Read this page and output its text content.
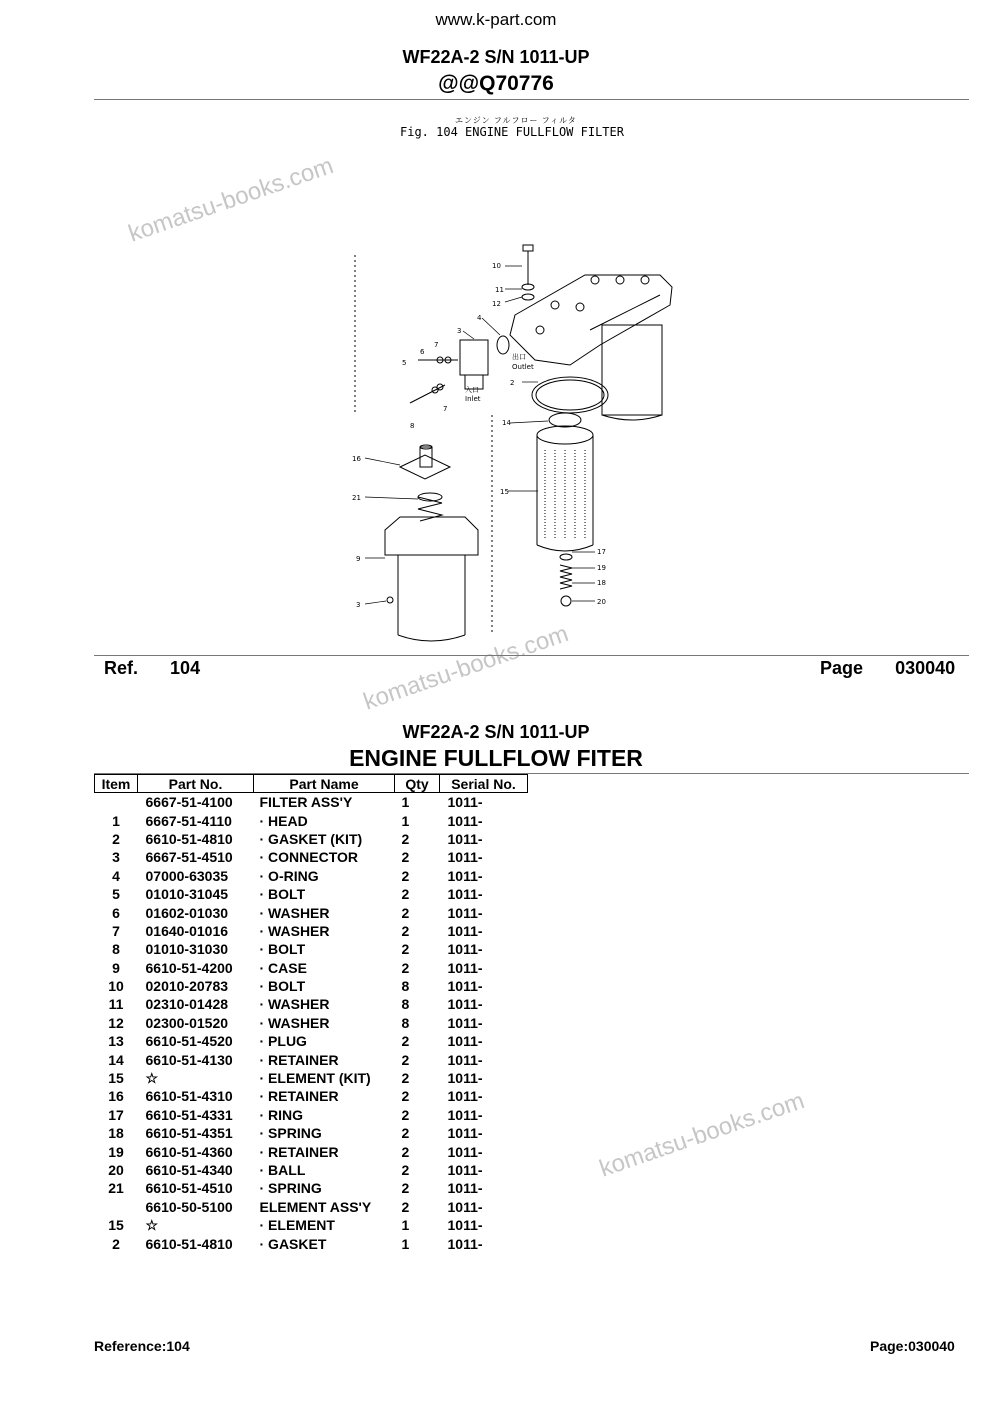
www.k-part.com
WF22A-2 S/N 1011-UP
@@Q70776
エンジン フルフロー フィルタ
Fig. 104 ENGINE FULLFLOW FILTER
10
11
12
3
4
7
6
5
8
7
2
14
15
16
21
9
3
17
19
18
20
出口
Outlet
入口
Inlet
komatsu-books.com
komatsu-books.com
komatsu-books.com
Ref. 104	Page 030040
WF22A-2 S/N 1011-UP
ENGINE FULLFLOW FITER
Item	Part No.	Part Name	Qty	Serial No.
	6667-51-4100	FILTER ASS'Y	1	1011-
1	6667-51-4110	· HEAD	1	1011-
2	6610-51-4810	· GASKET (KIT)	2	1011-
3	6667-51-4510	· CONNECTOR	2	1011-
4	07000-63035	· O-RING	2	1011-
5	01010-31045	· BOLT	2	1011-
6	01602-01030	· WASHER	2	1011-
7	01640-01016	· WASHER	2	1011-
8	01010-31030	· BOLT	2	1011-
9	6610-51-4200	· CASE	2	1011-
10	02010-20783	· BOLT	8	1011-
11	02310-01428	· WASHER	8	1011-
12	02300-01520	· WASHER	8	1011-
13	6610-51-4520	· PLUG	2	1011-
14	6610-51-4130	· RETAINER	2	1011-
15	☆	· ELEMENT (KIT)	2	1011-
16	6610-51-4310	· RETAINER	2	1011-
17	6610-51-4331	· RING	2	1011-
18	6610-51-4351	· SPRING	2	1011-
19	6610-51-4360	· RETAINER	2	1011-
20	6610-51-4340	· BALL	2	1011-
21	6610-51-4510	· SPRING	2	1011-
	6610-50-5100	ELEMENT ASS'Y	2	1011-
15	☆	· ELEMENT	1	1011-
2	6610-51-4810	· GASKET	1	1011-
Reference:104	Page:030040
